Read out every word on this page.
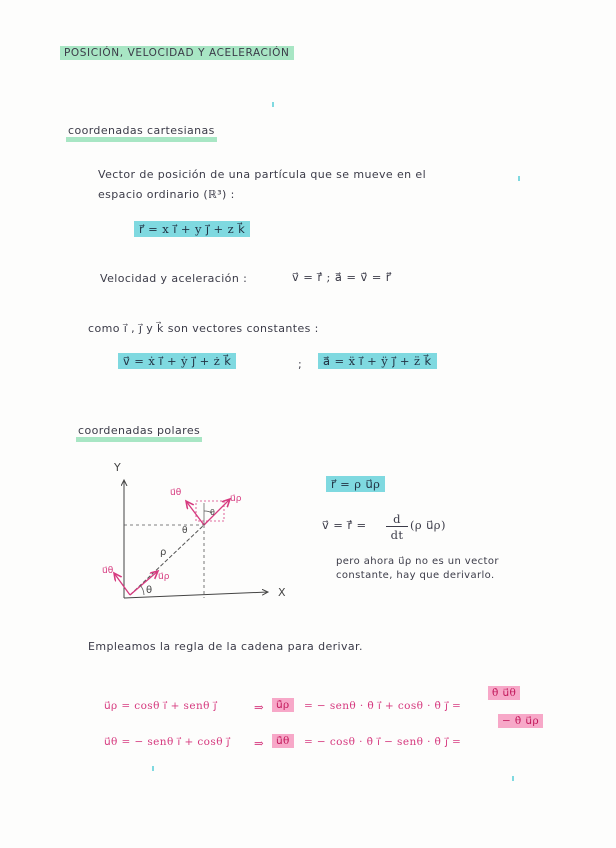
POSICIÓN, VELOCIDAD Y ACELERACIÓN
coordenadas cartesianas
Vector de posición de una partícula que se mueve en el
espacio ordinario (ℝ³) :
r⃗ = x i⃗ + y j⃗ + z k⃗
Velocidad y aceleración :	v⃗ = ṙ⃗ ; a⃗ = v̇⃗ = r̈⃗
como i⃗ , j⃗ y k⃗ son vectores constantes :
v⃗ = ẋ i⃗ + ẏ j⃗ + ż k⃗	;	a⃗ = ẍ i⃗ + ÿ j⃗ + z̈ k⃗
coordenadas polares
Y
X
u⃗θ
u⃗ρ
u⃗θ
u⃗ρ
ρ
θ
θ
θ
r⃗ = ρ u⃗ρ
v⃗ = ṙ⃗ =	d
dt
(ρ u⃗ρ)
pero ahora u⃗ρ no es un vector
constante, hay que derivarlo.
Empleamos la regla de la cadena para derivar.
u⃗ρ = cosθ i⃗ + senθ j⃗	⇒	u̇⃗ρ	= − senθ · θ̇ i⃗ + cosθ · θ̇ j⃗ =
θ̇ u⃗θ
u⃗θ = − senθ i⃗ + cosθ j⃗ ⇒	u̇⃗θ	= − cosθ · θ̇ i⃗ − senθ · θ̇ j⃗ =
− θ̇ u⃗ρ
